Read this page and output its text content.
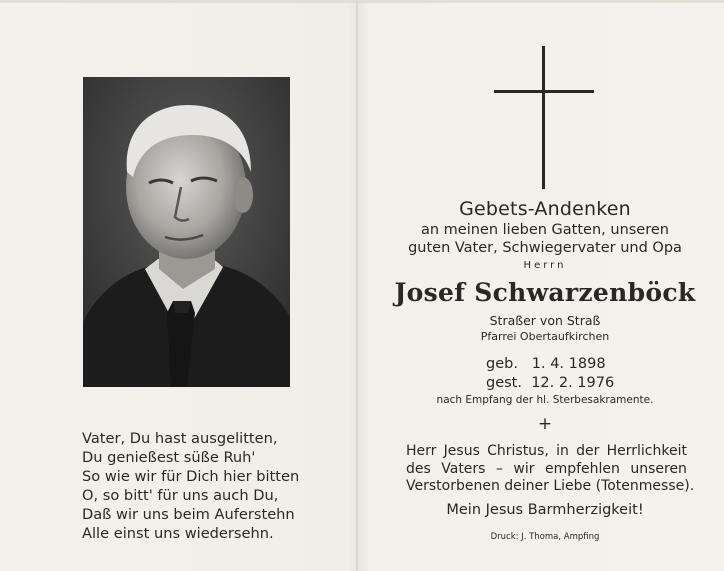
Vater, Du hast ausgelitten,
Du genießest süße Ruh'
So wie wir für Dich hier bitten
O, so bitt' für uns auch Du,
Daß wir uns beim Auferstehn
Alle einst uns wiedersehn.
Gebets-Andenken
an meinen lieben Gatten, unseren
guten Vater, Schwiegervater und Opa
Herrn
Josef Schwarzenböck
Straßer von Straß
Pfarrei Obertaufkirchen
geb.   1. 4. 1898
gest.  12. 2. 1976
nach Empfang der hl. Sterbesakramente.
+
Herr Jesus Christus, in der Herrlichkeit
des Vaters – wir empfehlen unseren
Verstorbenen deiner Liebe (Totenmesse).
Mein Jesus Barmherzigkeit!
Druck: J. Thoma, Ampfing
